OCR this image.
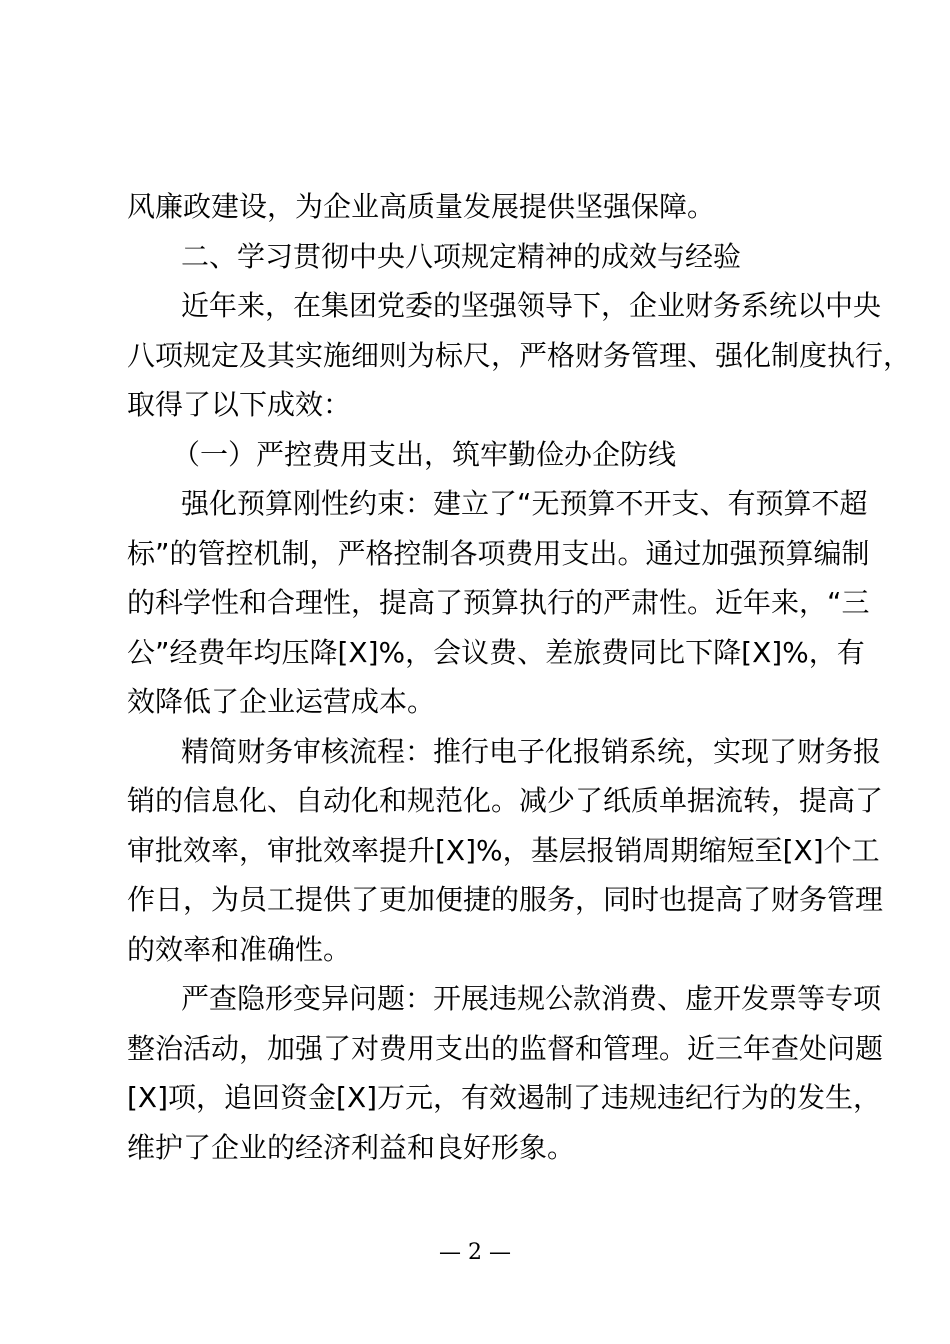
风廉政建设，为企业高质量发展提供坚强保障。
二、学习贯彻中央八项规定精神的成效与经验
近年来，在集团党委的坚强领导下，企业财务系统以中央
八项规定及其实施细则为标尺，严格财务管理、强化制度执行，
取得了以下成效：
（一）严控费用支出，筑牢勤俭办企防线
强化预算刚性约束：建立了“无预算不开支、有预算不超
标”的管控机制，严格控制各项费用支出。通过加强预算编制
的科学性和合理性，提高了预算执行的严肃性。近年来，“三
公”经费年均压降[X]%，会议费、差旅费同比下降[X]%，有
效降低了企业运营成本。
精简财务审核流程：推行电子化报销系统，实现了财务报
销的信息化、自动化和规范化。减少了纸质单据流转，提高了
审批效率，审批效率提升[X]%，基层报销周期缩短至[X]个工
作日，为员工提供了更加便捷的服务，同时也提高了财务管理
的效率和准确性。
严查隐形变异问题：开展违规公款消费、虚开发票等专项
整治活动，加强了对费用支出的监督和管理。近三年查处问题
[X]项，追回资金[X]万元，有效遏制了违规违纪行为的发生，
维护了企业的经济利益和良好形象。
— 2 —
